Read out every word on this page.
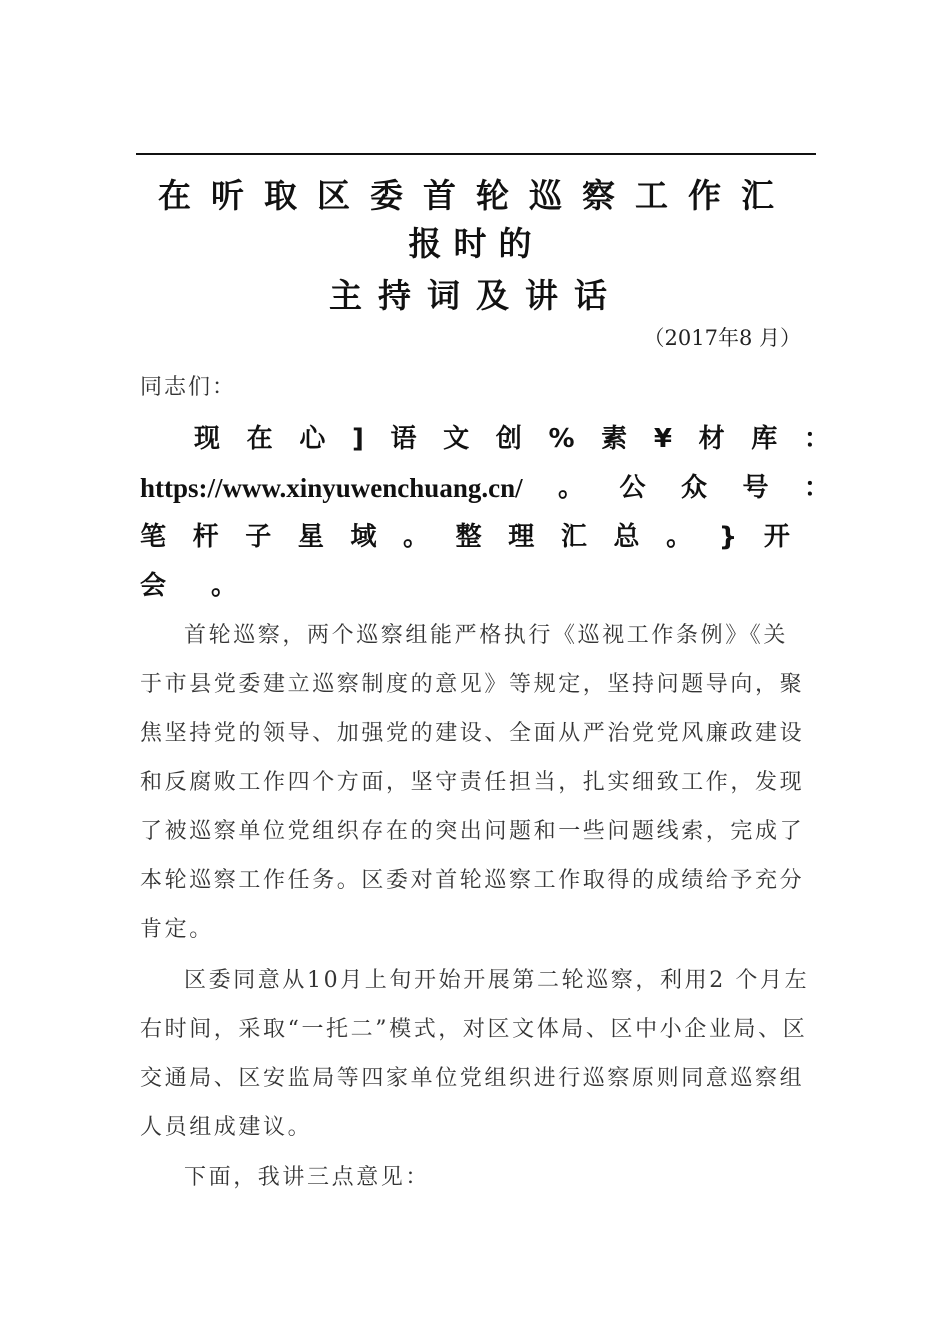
在听取区委首轮巡察工作汇
报时的
主持词及讲话
（2017年8 月）
同志们：
现 在 心 ] 语 文 创 % 素 ¥ 材 库 ：
https://www.xinyuwenchuang.cn/ 。 公 众 号 ：
笔 杆 子 星 域 。 整 理 汇 总 。 } 开
会 。

首轮巡察，两个巡察组能严格执行《巡视工作条例》《关于市县党委建立巡察制度的意见》等规定，坚持问题导向，聚焦坚持党的领导、加强党的建设、全面从严治党党风廉政建设和反腐败工作四个方面，坚守责任担当，扎实细致工作，发现了被巡察单位党组织存在的突出问题和一些问题线索，完成了本轮巡察工作任务。区委对首轮巡察工作取得的成绩给予充分肯定。

区委同意从10月上旬开始开展第二轮巡察，利用2 个月左右时间，采取“一托二”模式，对区文体局、区中小企业局、区交通局、区安监局等四家单位党组织进行巡察原则同意巡察组人员组成建议。

下面，我讲三点意见：
